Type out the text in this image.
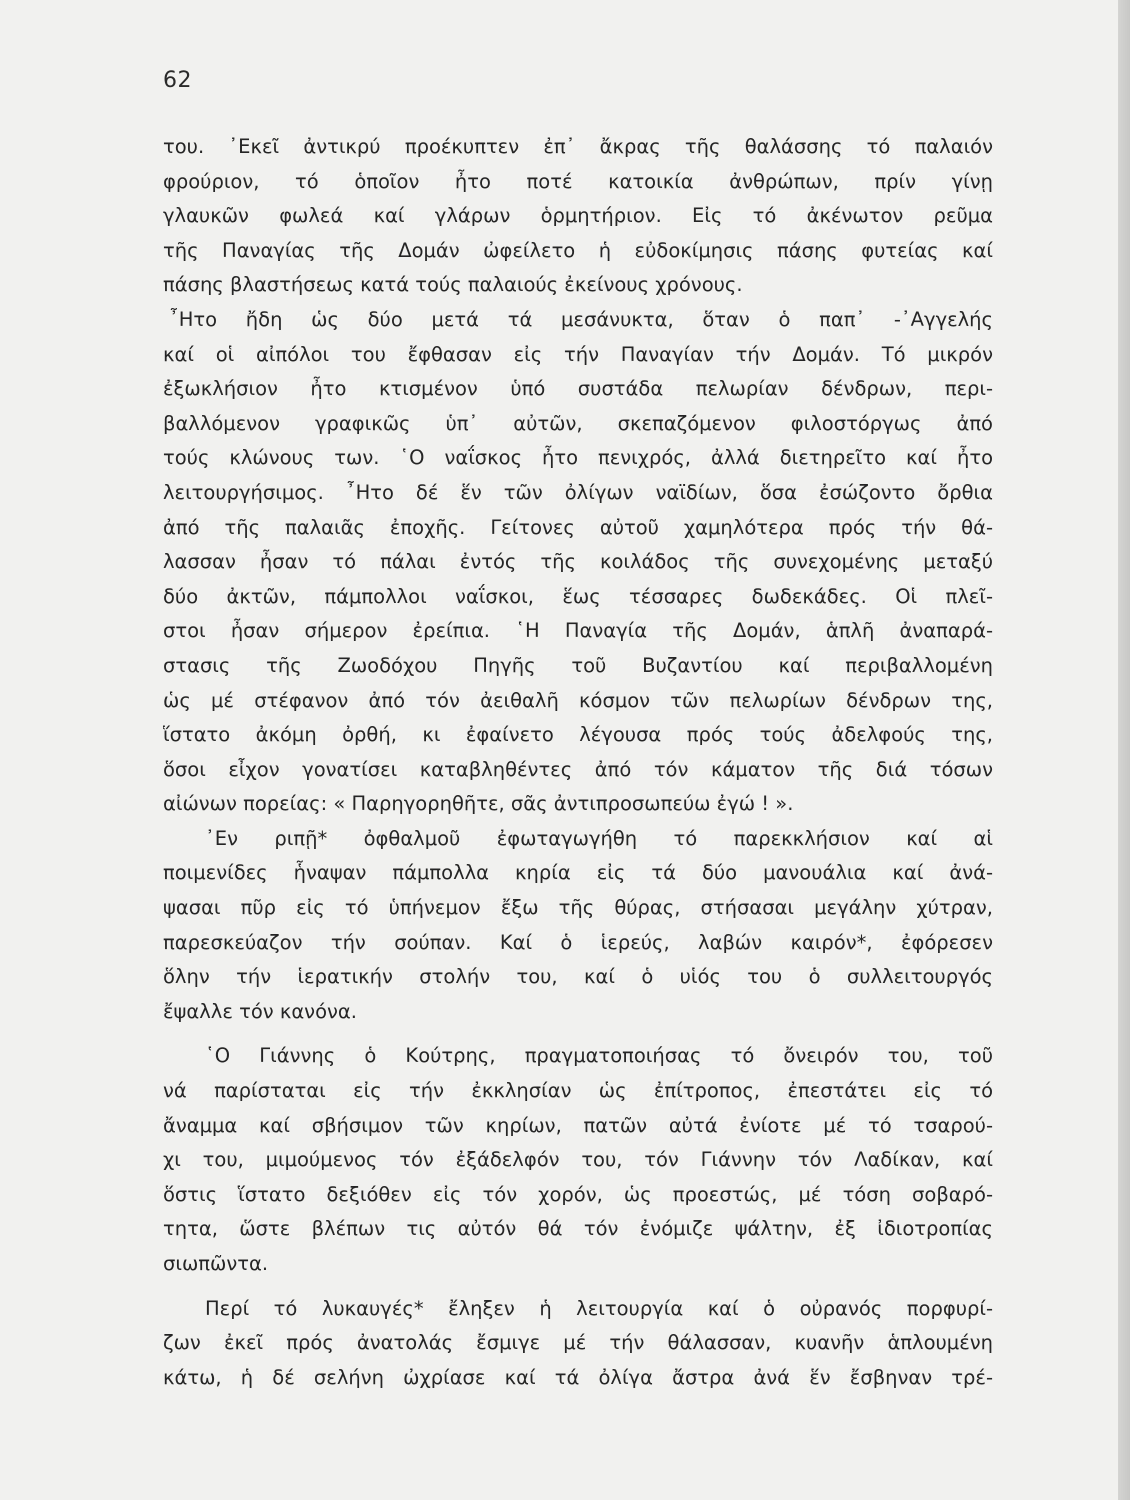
62
του. ᾿Εκεῖ ἀντικρύ προέκυπτεν ἐπ᾿ ἄκρας τῆς θαλάσσης τό παλαιόν
φρούριον, τό ὁποῖον ἦτο ποτέ κατοικία ἀνθρώπων, πρίν γίνῃ
γλαυκῶν φωλεά καί γλάρων ὁρμητήριον. Εἰς τό ἀκένωτον ρεῦμα
τῆς Παναγίας τῆς Δομάν ὠφείλετο ἡ εὐδοκίμησις πάσης φυτείας καί
πάσης βλαστήσεως κατά τούς παλαιούς ἐκείνους χρόνους.
῏Ητο ἤδη ὡς δύο μετά τά μεσάνυκτα, ὅταν ὁ παπ᾿ -᾿Αγγελής
καί οἱ αἰπόλοι του ἔφθασαν εἰς τήν Παναγίαν τήν Δομάν. Τό μικρόν
ἐξωκλήσιον ἦτο κτισμένον ὑπό συστάδα πελωρίαν δένδρων, περι-
βαλλόμενον γραφικῶς ὑπ᾿ αὐτῶν, σκεπαζόμενον φιλοστόργως ἀπό
τούς κλώνους των. ῾Ο ναΐσκος ἦτο πενιχρός, ἀλλά διετηρεῖτο καί ἦτο
λειτουργήσιμος. ῏Ητο δέ ἕν τῶν ὀλίγων ναϊδίων, ὅσα ἐσώζοντο ὄρθια
ἀπό τῆς παλαιᾶς ἐποχῆς. Γείτονες αὐτοῦ χαμηλότερα πρός τήν θά-
λασσαν ἦσαν τό πάλαι ἐντός τῆς κοιλάδος τῆς συνεχομένης μεταξύ
δύο ἀκτῶν, πάμπολλοι ναΐσκοι, ἕως τέσσαρες δωδεκάδες. Οἱ πλεῖ-
στοι ἦσαν σήμερον ἐρείπια. ῾Η Παναγία τῆς Δομάν, ἁπλῆ ἀναπαρά-
στασις τῆς Ζωοδόχου Πηγῆς τοῦ Βυζαντίου καί περιβαλλομένη
ὡς μέ στέφανον ἀπό τόν ἀειθαλῆ κόσμον τῶν πελωρίων δένδρων της,
ἵστατο ἀκόμη ὀρθή, κι ἐφαίνετο λέγουσα πρός τούς ἀδελφούς της,
ὅσοι εἶχον γονατίσει καταβληθέντες ἀπό τόν κάματον τῆς διά τόσων
αἰώνων πορείας: « Παρηγορηθῆτε, σᾶς ἀντιπροσωπεύω ἐγώ ! ».
᾿Εν ριπῇ* ὀφθαλμοῦ ἐφωταγωγήθη τό παρεκκλήσιον καί αἱ
ποιμενίδες ἧναψαν πάμπολλα κηρία εἰς τά δύο μανουάλια καί ἀνά-
ψασαι πῦρ εἰς τό ὑπήνεμον ἔξω τῆς θύρας, στήσασαι μεγάλην χύτραν,
παρεσκεύαζον τήν σούπαν. Καί ὁ ἱερεύς, λαβών καιρόν*, ἐφόρεσεν
ὅλην τήν ἱερατικήν στολήν του, καί ὁ υἱός του ὁ συλλειτουργός
ἔψαλλε τόν κανόνα.
῾Ο Γιάννης ὁ Κούτρης, πραγματοποιήσας τό ὄνειρόν του, τοῦ
νά παρίσταται εἰς τήν ἐκκλησίαν ὡς ἐπίτροπος, ἐπεστάτει εἰς τό
ἄναμμα καί σβήσιμον τῶν κηρίων, πατῶν αὐτά ἐνίοτε μέ τό τσαρού-
χι του, μιμούμενος τόν ἐξάδελφόν του, τόν Γιάννην τόν Λαδίκαν, καί
ὅστις ἵστατο δεξιόθεν εἰς τόν χορόν, ὡς προεστώς, μέ τόση σοβαρό-
τητα, ὥστε βλέπων τις αὐτόν θά τόν ἐνόμιζε ψάλτην, ἐξ ἰδιοτροπίας
σιωπῶντα.
Περί τό λυκαυγές* ἔληξεν ἡ λειτουργία καί ὁ οὐρανός πορφυρί-
ζων ἐκεῖ πρός ἀνατολάς ἔσμιγε μέ τήν θάλασσαν, κυανῆν ἁπλουμένη
κάτω, ἡ δέ σελήνη ὠχρίασε καί τά ὀλίγα ἄστρα ἀνά ἕν ἔσβηναν τρέ-
